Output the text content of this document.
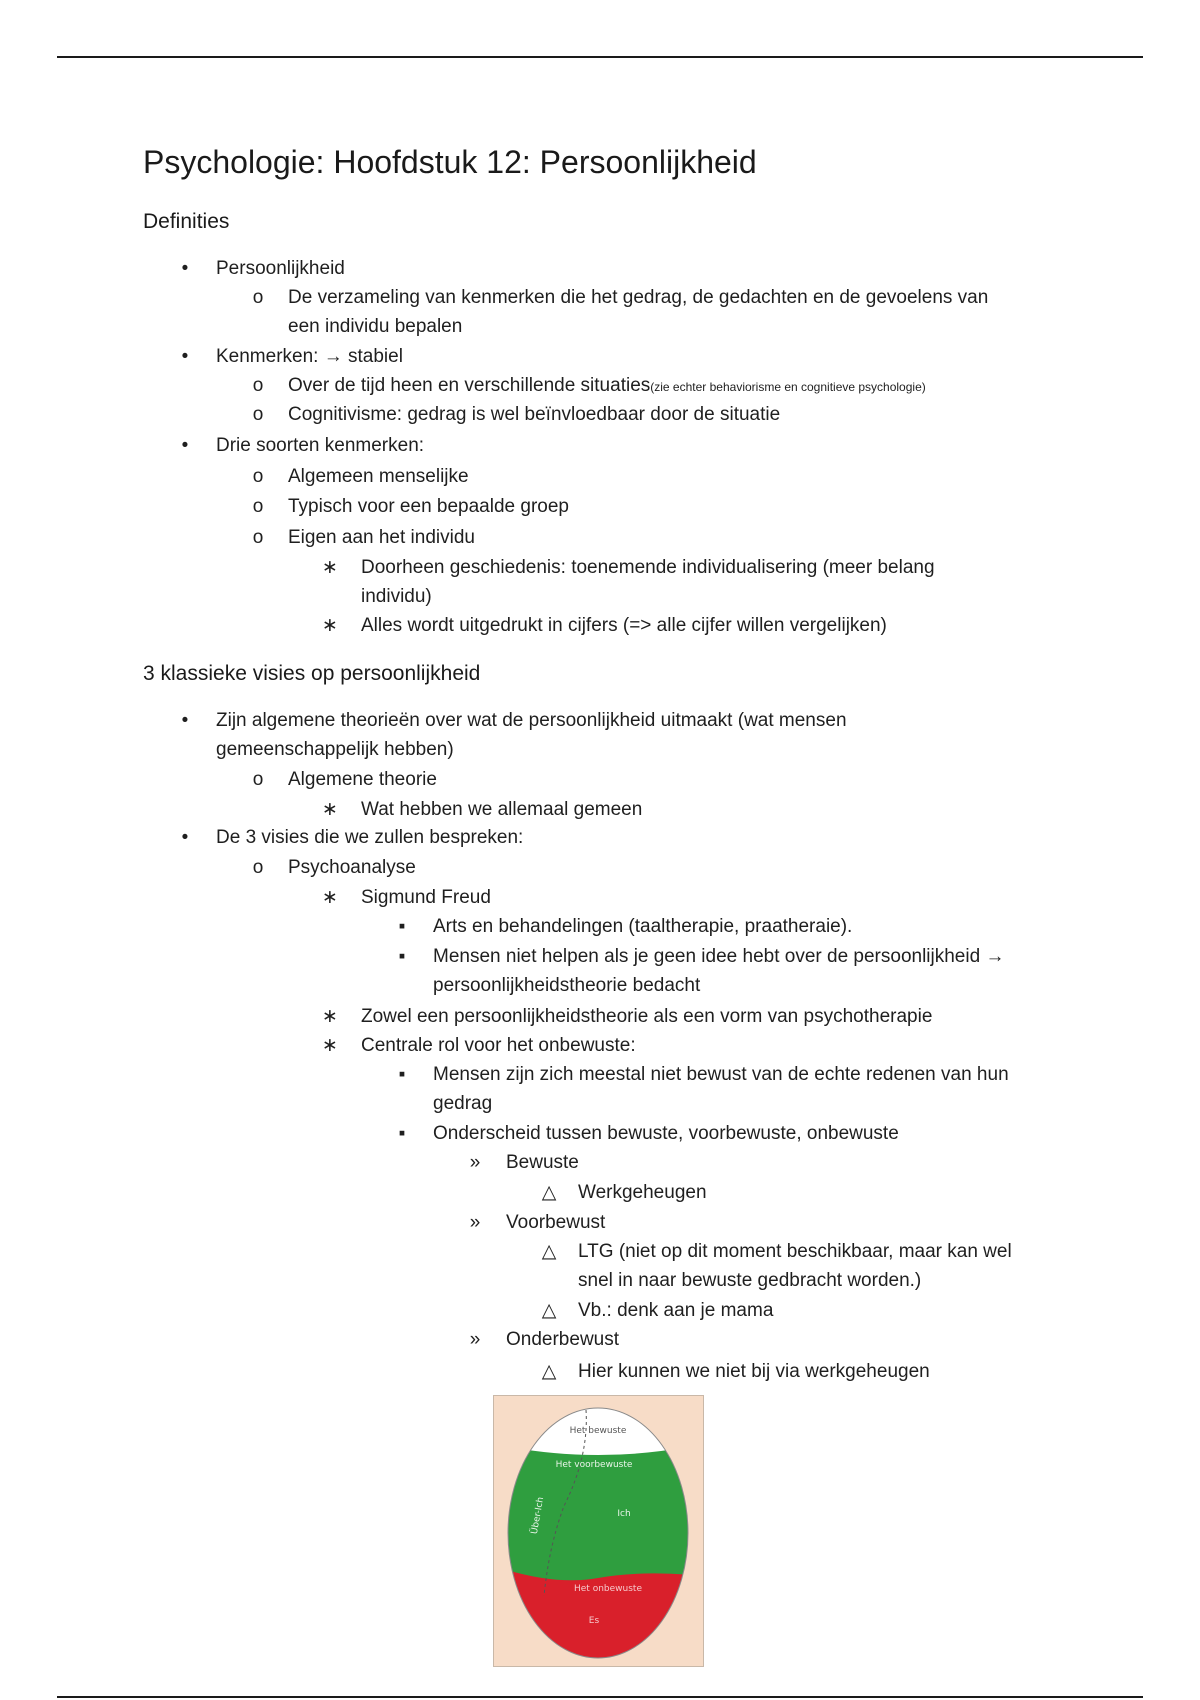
Psychologie: Hoofdstuk 12: Persoonlijkheid
Definities
•	Persoonlijkheid
o	De verzameling van kenmerken die het gedrag, de gedachten en de gevoelens van
een individu bepalen
•	Kenmerken: → stabiel
o	Over de tijd heen en verschillende situaties(zie echter behaviorisme en cognitieve psychologie)
o	Cognitivisme: gedrag is wel beïnvloedbaar door de situatie
•	Drie soorten kenmerken:
o	Algemeen menselijke
o	Typisch voor een bepaalde groep
o	Eigen aan het individu
∗ Doorheen geschiedenis: toenemende individualisering (meer belang
individu)
∗ Alles wordt uitgedrukt in cijfers (=> alle cijfer willen vergelijken)
3 klassieke visies op persoonlijkheid
•	Zijn algemene theorieën over wat de persoonlijkheid uitmaakt (wat mensen
gemeenschappelijk hebben)
o	Algemene theorie
∗ Wat hebben we allemaal gemeen
•	De 3 visies die we zullen bespreken:
o	Psychoanalyse
∗ Sigmund Freud
▪	Arts en behandelingen (taaltherapie, praatheraie).
▪	Mensen niet helpen als je geen idee hebt over de persoonlijkheid →
persoonlijkheidstheorie bedacht
∗ Zowel een persoonlijkheidstheorie als een vorm van psychotherapie
∗ Centrale rol voor het onbewuste:
▪	Mensen zijn zich meestal niet bewust van de echte redenen van hun
gedrag
▪	Onderscheid tussen bewuste, voorbewuste, onbewuste
»	Bewuste
△ Werkgeheugen
»	Voorbewust
△ LTG (niet op dit moment beschikbaar, maar kan wel
snel in naar bewuste gedbracht worden.)
△ Vb.: denk aan je mama
»	Onderbewust
△ Hier kunnen we niet bij via werkgeheugen
Het bewuste
Het voorbewuste
Über-Ich	Ich
Het onbewuste
Es
